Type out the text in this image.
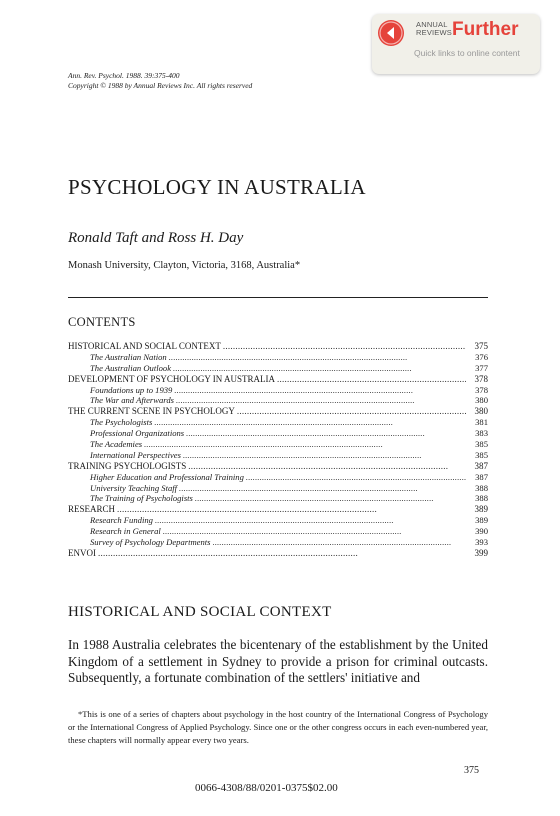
ANNUAL
REVIEWS Further
Quick links to online content
Ann. Rev. Psychol. 1988. 39:375-400
Copyright © 1988 by Annual Reviews Inc. All rights reserved
PSYCHOLOGY IN AUSTRALIA
Ronald Taft and Ross H. Day
Monash University, Clayton, Victoria, 3168, Australia*
CONTENTS
HISTORICAL AND SOCIAL CONTEXT . . .	375
The Australian Nation . . .	376
The Australian Outlook . . .	377
DEVELOPMENT OF PSYCHOLOGY IN AUSTRALIA . . .	378
Foundations up to 1939 . . .	378
The War and Afterwards . . .	380
THE CURRENT SCENE IN PSYCHOLOGY . . .	380
The Psychologists . . .	381
Professional Organizations . . .	383
The Academies . . .	385
International Perspectives . . .	385
TRAINING PSYCHOLOGISTS . . .	387
Higher Education and Professional Training . . .	387
University Teaching Staff . . .	388
The Training of Psychologists . . .	388
RESEARCH . . .	389
Research Funding . . .	389
Research in General . . .	390
Survey of Psychology Departments . . .	393
ENVOI . . .	399
HISTORICAL AND SOCIAL CONTEXT
In 1988 Australia celebrates the bicentenary of the establishment by the United Kingdom of a settlement in Sydney to provide a prison for criminal outcasts. Subsequently, a fortunate combination of the settlers' initiative and
*This is one of a series of chapters about psychology in the host country of the International Congress of Psychology or the International Congress of Applied Psychology. Since one or the other congress occurs in each even-numbered year, these chapters will normally appear every two years.
375
0066-4308/88/0201-0375$02.00
